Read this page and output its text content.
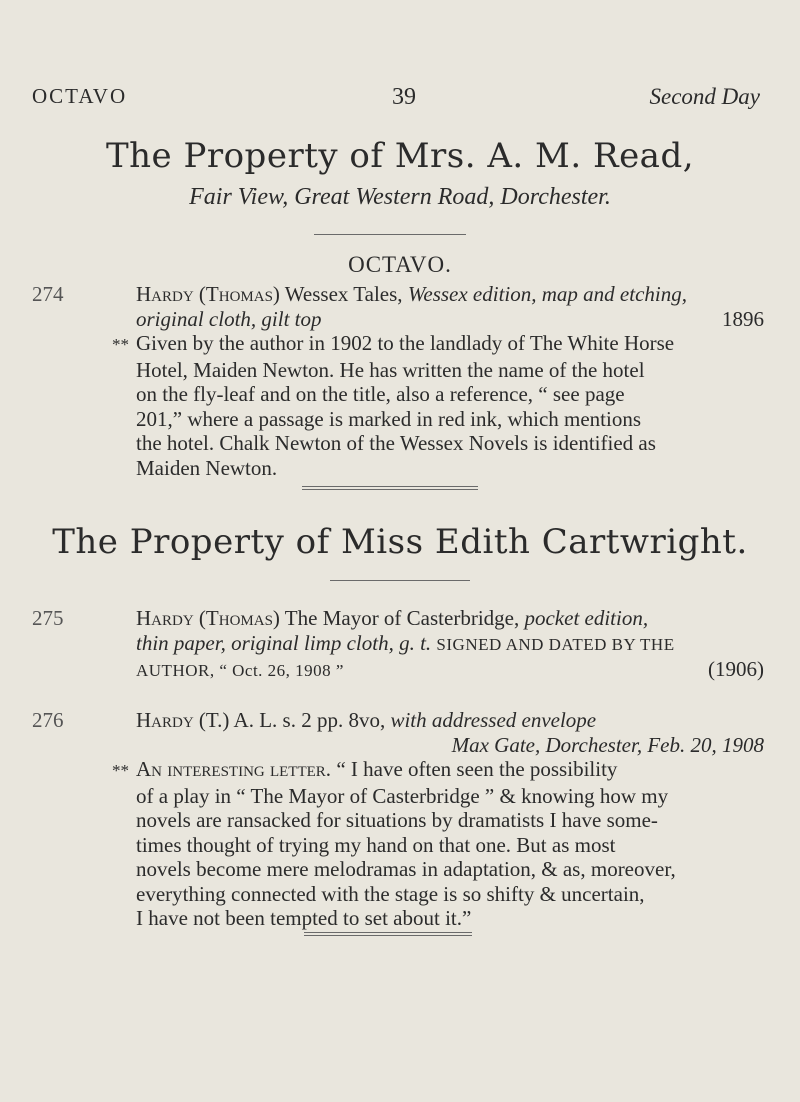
OCTAVO	39	Second Day
The Property of Mrs. A. M. Read,
Fair View, Great Western Road, Dorchester.
OCTAVO.
274	Hardy (Thomas) Wessex Tales, Wessex edition, map and etching,
original cloth, gilt top	1896
** Given by the author in 1902 to the landlady of The White Horse
Hotel, Maiden Newton. He has written the name of the hotel
on the fly-leaf and on the title, also a reference, “ see page
201,” where a passage is marked in red ink, which mentions
the hotel. Chalk Newton of the Wessex Novels is identified as
Maiden Newton.
The Property of Miss Edith Cartwright.
275	Hardy (Thomas) The Mayor of Casterbridge, pocket edition,
thin paper, original limp cloth, g. t. SIGNED AND DATED BY THE
AUTHOR, “ Oct. 26, 1908 ”	(1906)
276	Hardy (T.) A. L. s. 2 pp. 8vo, with addressed envelope
Max Gate, Dorchester, Feb. 20, 1908
** An interesting letter. “ I have often seen the possibility
of a play in “ The Mayor of Casterbridge ” & knowing how my
novels are ransacked for situations by dramatists I have some-
times thought of trying my hand on that one. But as most
novels become mere melodramas in adaptation, & as, moreover,
everything connected with the stage is so shifty & uncertain,
I have not been tempted to set about it.”
